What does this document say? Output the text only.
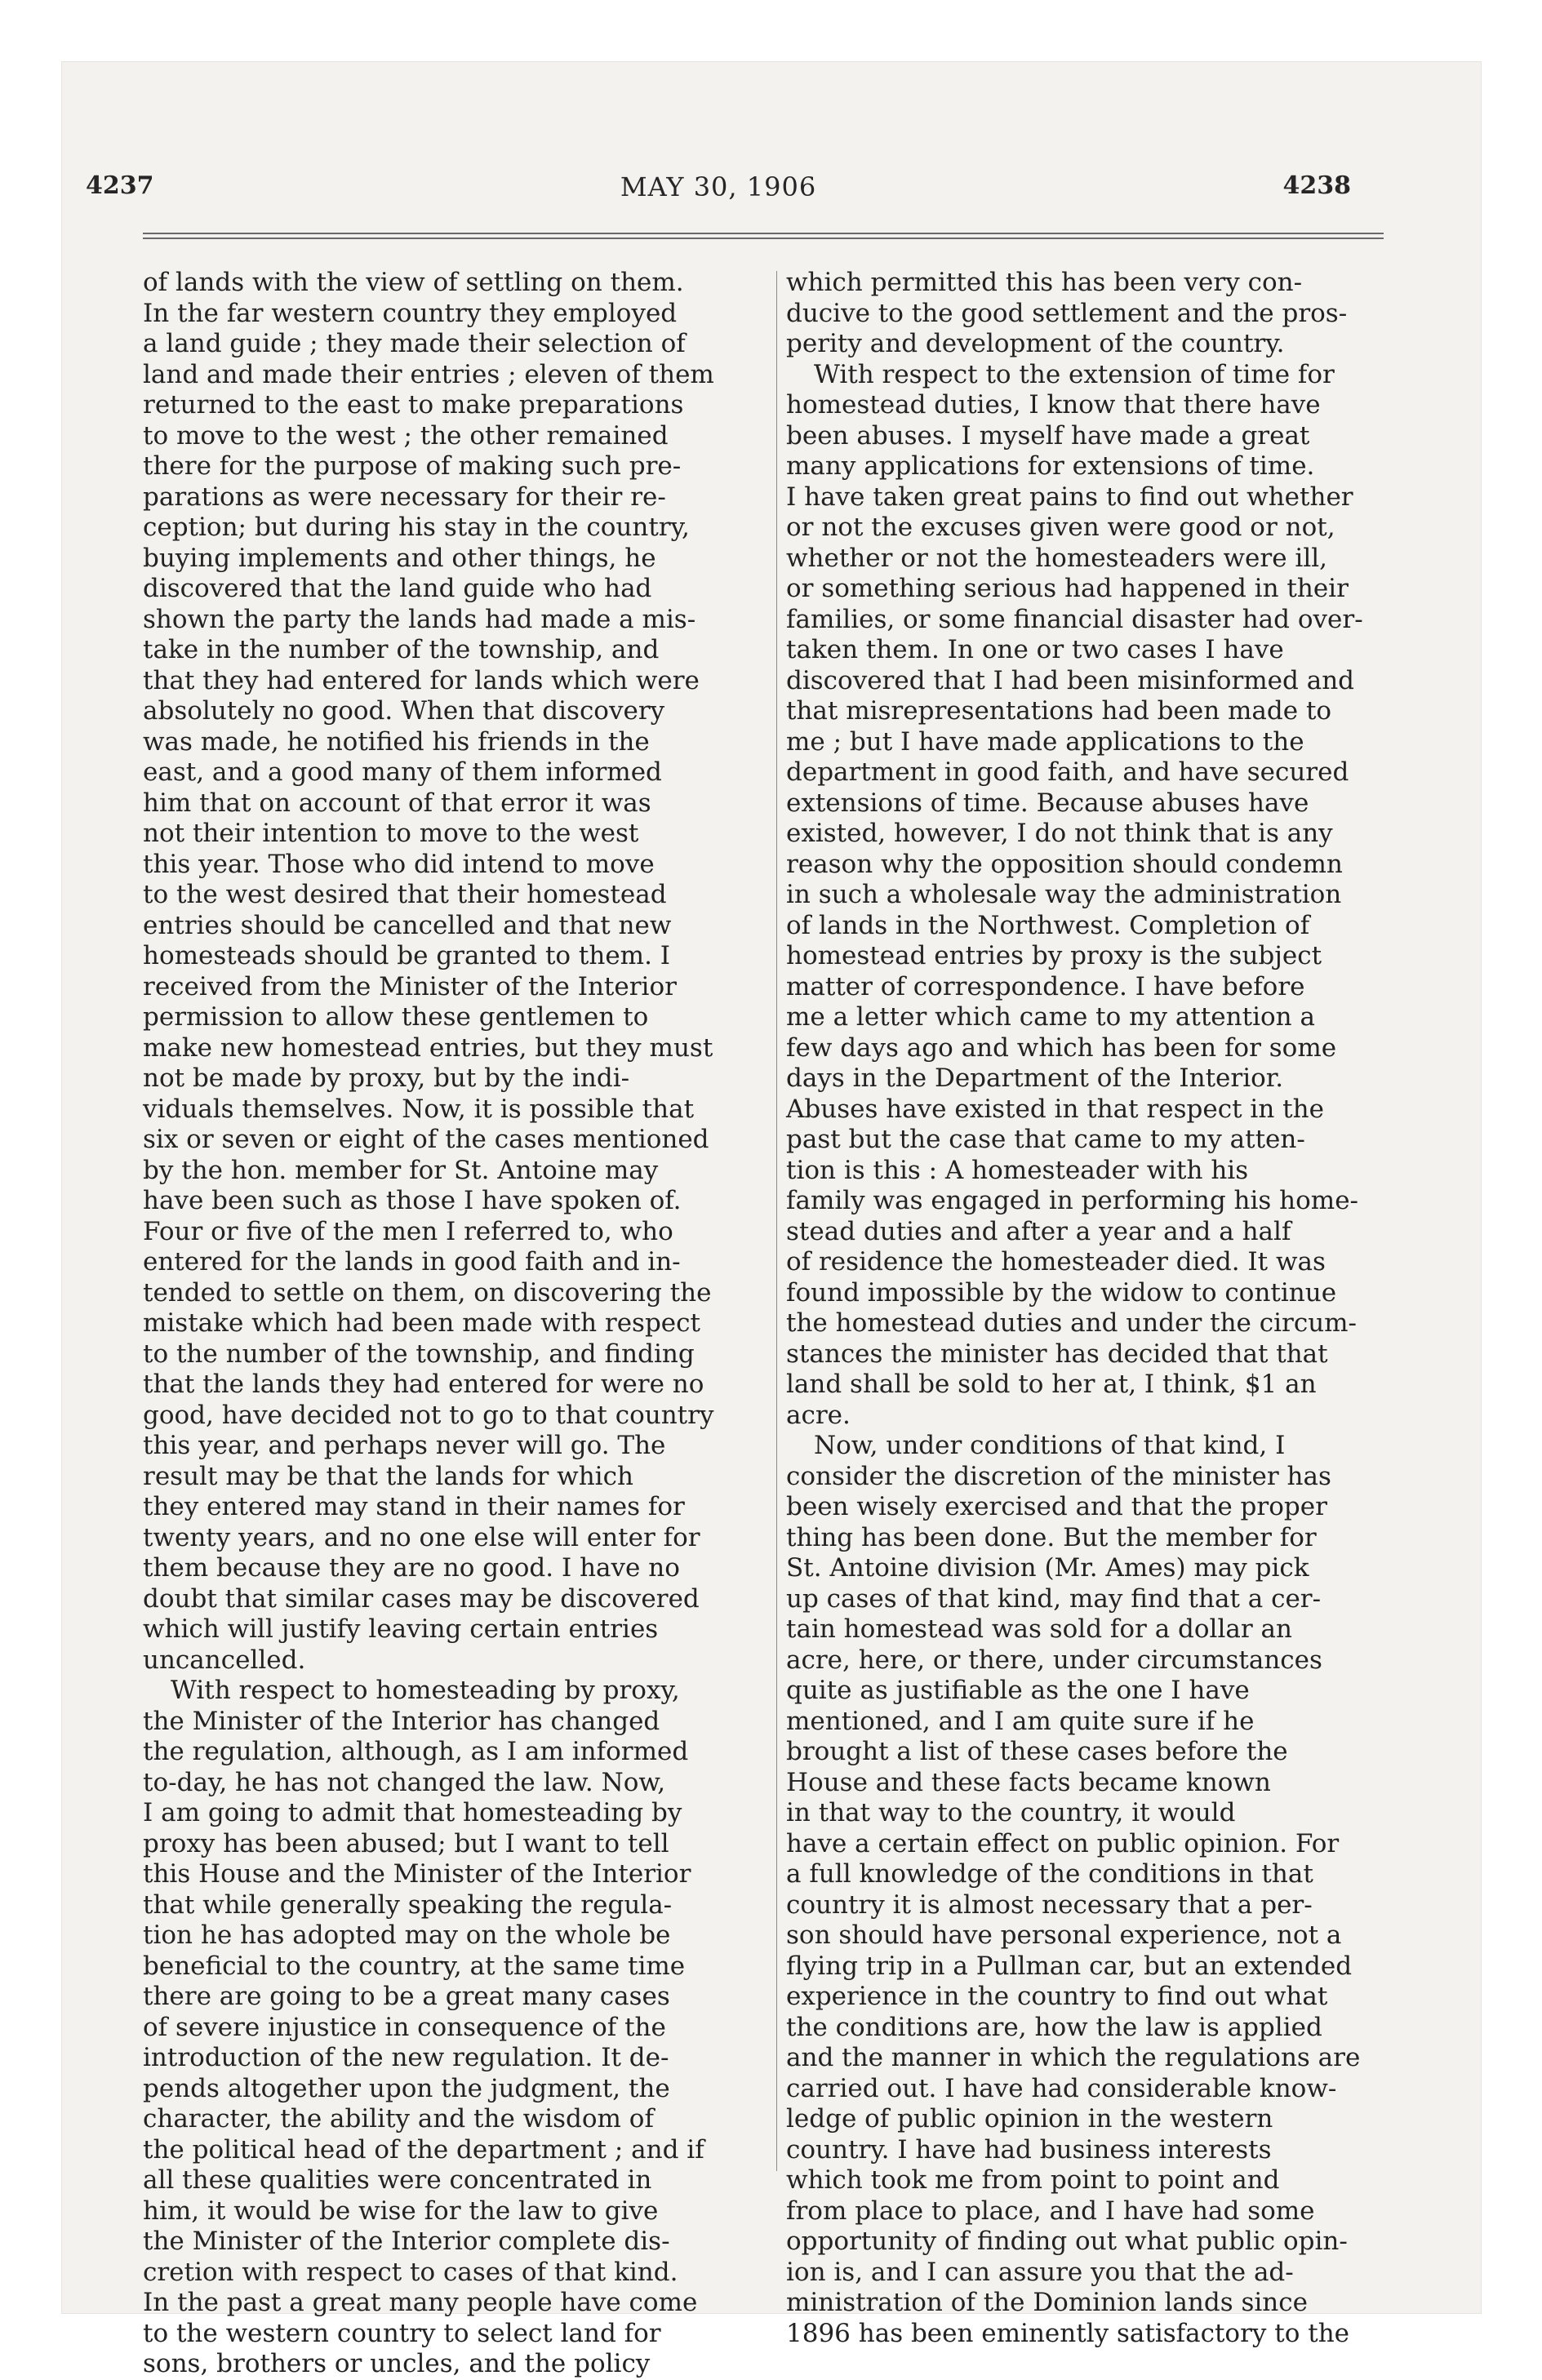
4237	MAY 30, 1906	4238
of lands with the view of settling on them.
In the far western country they employed
a land guide ; they made their selection of
land and made their entries ; eleven of them
returned to the east to make preparations
to move to the west ; the other remained
there for the purpose of making such pre-
parations as were necessary for their re-
ception; but during his stay in the country,
buying implements and other things, he
discovered that the land guide who had
shown the party the lands had made a mis-
take in the number of the township, and
that they had entered for lands which were
absolutely no good. When that discovery
was made, he notified his friends in the
east, and a good many of them informed
him that on account of that error it was
not their intention to move to the west
this year. Those who did intend to move
to the west desired that their homestead
entries should be cancelled and that new
homesteads should be granted to them. I
received from the Minister of the Interior
permission to allow these gentlemen to
make new homestead entries, but they must
not be made by proxy, but by the indi-
viduals themselves. Now, it is possible that
six or seven or eight of the cases mentioned
by the hon. member for St. Antoine may
have been such as those I have spoken of.
Four or five of the men I referred to, who
entered for the lands in good faith and in-
tended to settle on them, on discovering the
mistake which had been made with respect
to the number of the township, and finding
that the lands they had entered for were no
good, have decided not to go to that country
this year, and perhaps never will go. The
result may be that the lands for which
they entered may stand in their names for
twenty years, and no one else will enter for
them because they are no good. I have no
doubt that similar cases may be discovered
which will justify leaving certain entries
uncancelled.
With respect to homesteading by proxy,
the Minister of the Interior has changed
the regulation, although, as I am informed
to-day, he has not changed the law. Now,
I am going to admit that homesteading by
proxy has been abused; but I want to tell
this House and the Minister of the Interior
that while generally speaking the regula-
tion he has adopted may on the whole be
beneficial to the country, at the same time
there are going to be a great many cases
of severe injustice in consequence of the
introduction of the new regulation. It de-
pends altogether upon the judgment, the
character, the ability and the wisdom of
the political head of the department ; and if
all these qualities were concentrated in
him, it would be wise for the law to give
the Minister of the Interior complete dis-
cretion with respect to cases of that kind.
In the past a great many people have come
to the western country to select land for
sons, brothers or uncles, and the policy
which permitted this has been very con-
ducive to the good settlement and the pros-
perity and development of the country.
With respect to the extension of time for
homestead duties, I know that there have
been abuses. I myself have made a great
many applications for extensions of time.
I have taken great pains to find out whether
or not the excuses given were good or not,
whether or not the homesteaders were ill,
or something serious had happened in their
families, or some financial disaster had over-
taken them. In one or two cases I have
discovered that I had been misinformed and
that misrepresentations had been made to
me ; but I have made applications to the
department in good faith, and have secured
extensions of time. Because abuses have
existed, however, I do not think that is any
reason why the opposition should condemn
in such a wholesale way the administration
of lands in the Northwest. Completion of
homestead entries by proxy is the subject
matter of correspondence. I have before
me a letter which came to my attention a
few days ago and which has been for some
days in the Department of the Interior.
Abuses have existed in that respect in the
past but the case that came to my atten-
tion is this : A homesteader with his
family was engaged in performing his home-
stead duties and after a year and a half
of residence the homesteader died. It was
found impossible by the widow to continue
the homestead duties and under the circum-
stances the minister has decided that that
land shall be sold to her at, I think, $1 an
acre.
Now, under conditions of that kind, I
consider the discretion of the minister has
been wisely exercised and that the proper
thing has been done. But the member for
St. Antoine division (Mr. Ames) may pick
up cases of that kind, may find that a cer-
tain homestead was sold for a dollar an
acre, here, or there, under circumstances
quite as justifiable as the one I have
mentioned, and I am quite sure if he
brought a list of these cases before the
House and these facts became known
in that way to the country, it would
have a certain effect on public opinion. For
a full knowledge of the conditions in that
country it is almost necessary that a per-
son should have personal experience, not a
flying trip in a Pullman car, but an extended
experience in the country to find out what
the conditions are, how the law is applied
and the manner in which the regulations are
carried out. I have had considerable know-
ledge of public opinion in the western
country. I have had business interests
which took me from point to point and
from place to place, and I have had some
opportunity of finding out what public opin-
ion is, and I can assure you that the ad-
ministration of the Dominion lands since
1896 has been eminently satisfactory to the
